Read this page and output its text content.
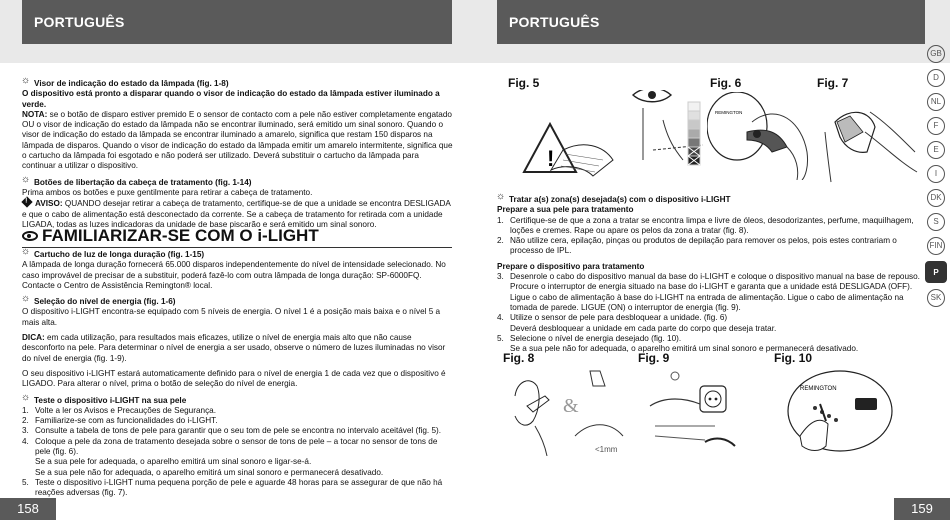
PORTUGUÊS

☼Visor de indicação do estado da lâmpada (fig. 1-8)

O dispositivo está pronto a disparar quando o visor de indicação do estado da lâmpada estiver iluminado a verde.

NOTA: se o botão de disparo estiver premido E o sensor de contacto com a pele não estiver completamente engatado OU o visor de indicação do estado da lâmpada não se encontrar iluminado, será emitido um sinal sonoro. Quando o visor de indicação do estado da lâmpada se encontrar iluminado a amarelo, significa que restam 150 disparos na lâmpada de disparos. Quando o visor de indicação do estado da lâmpada emitir um amarelo intermitente, significa que o cartucho da lâmpada foi esgotado e não poderá ser utilizado. Deverá substituir o cartucho da lâmpada para continuar a utilizar o dispositivo.

☼Botões de libertação da cabeça de tratamento (fig. 1-14)

Prima ambos os botões e puxe gentilmente para retirar a cabeça de tratamento.

!AVISO: QUANDO desejar retirar a cabeça de tratamento, certifique-se de que a unidade se encontra DESLIGADA e que o cabo de alimentação está desconectado da corrente. Se a cabeça de tratamento for retirada com a unidade LIGADA, todas as luzes indicadoras da unidade de base piscarão e será emitido um sinal sonoro.

FAMILIARIZAR-SE COM O i-LIGHT

☼Cartucho de luz de longa duração (fig. 1-15)

A lâmpada de longa duração fornecerá 65.000 disparos independentemente do nível de intensidade selecionado. No caso improvável de precisar de a substituir, poderá fazê-lo com outra lâmpada de longa duração: SP-6000FQ. Contacte o Centro de Assistência Remington® local.

☼Seleção do nível de energia (fig. 1-6)

O dispositivo i-LIGHT encontra-se equipado com 5 níveis de energia. O nível 1 é a posição mais baixa e o nível 5 a mais alta.

DICA: em cada utilização, para resultados mais eficazes, utilize o nível de energia mais alto que não cause desconforto na pele. Para determinar o nível de energia a ser usado, observe o número de luzes iluminadas no visor do nível de energia (fig. 1-9).

O seu dispositivo i-LIGHT estará automaticamente definido para o nível de energia 1 de cada vez que o dispositivo é LIGADO. Para alterar o nível, prima o botão de seleção do nível de energia.

☼Teste o dispositivo i-LIGHT na sua pele

1. Volte a ler os Avisos e Precauções de Segurança.
2. Familiarize-se com as funcionalidades do i-LIGHT.
3. Consulte a tabela de tons de pele para garantir que o seu tom de pele se encontra no intervalo aceitável (fig. 5).
4. Coloque a pele da zona de tratamento desejada sobre o sensor de tons de pele – a tocar no sensor de tons de pele (fig. 6).
Se a sua pele for adequada, o aparelho emitirá um sinal sonoro e ligar-se-á.
Se a sua pele não for adequada, o aparelho emitirá um sinal sonoro e permanecerá desativado.
5. Teste o dispositivo i-LIGHT numa pequena porção de pele e aguarde 48 horas para se assegurar de que não há reações adversas (fig. 7).
158
PORTUGUÊS
Fig. 5
!
Fig. 6
REMINGTON
Fig. 7

☼Tratar a(s) zona(s) desejada(s) com o dispositivo i-LIGHT

Prepare a sua pele para tratamento

1. Certifique-se de que a zona a tratar se encontra limpa e livre de óleos, desodorizantes, perfume, maquilhagem, loções e cremes. Rape ou apare os pelos da zona a tratar (fig. 8).
2. Não utilize cera, epilação, pinças ou produtos de depilação para remover os pelos, pois estes contrariam o processo de IPL.

Prepare o dispositivo para tratamento

3. Desenrole o cabo do dispositivo manual da base do i-LIGHT e coloque o dispositivo manual na base de repouso. Procure o interruptor de energia situado na base do i-LIGHT e garanta que a unidade está DESLIGADA (OFF). Ligue o cabo de alimentação à base do i-LIGHT na entrada de alimentação. Ligue o cabo de alimentação na tomada de parede. LIGUE (ON) o interruptor de energia (fig. 9).
4. Utilize o sensor de pele para desbloquear a unidade. (fig. 6)
Deverá desbloquear a unidade em cada parte do corpo que deseja tratar.
5. Selecione o nível de energia desejado (fig. 10).
Se a sua pele não for adequada, o aparelho emitirá um sinal sonoro e permanecerá desativado.
Fig. 8
&
<1mm
Fig. 9	Fig. 10
REMINGTON
GB
D
NL
F
E
I
DK
S
FIN
P
SK
159
